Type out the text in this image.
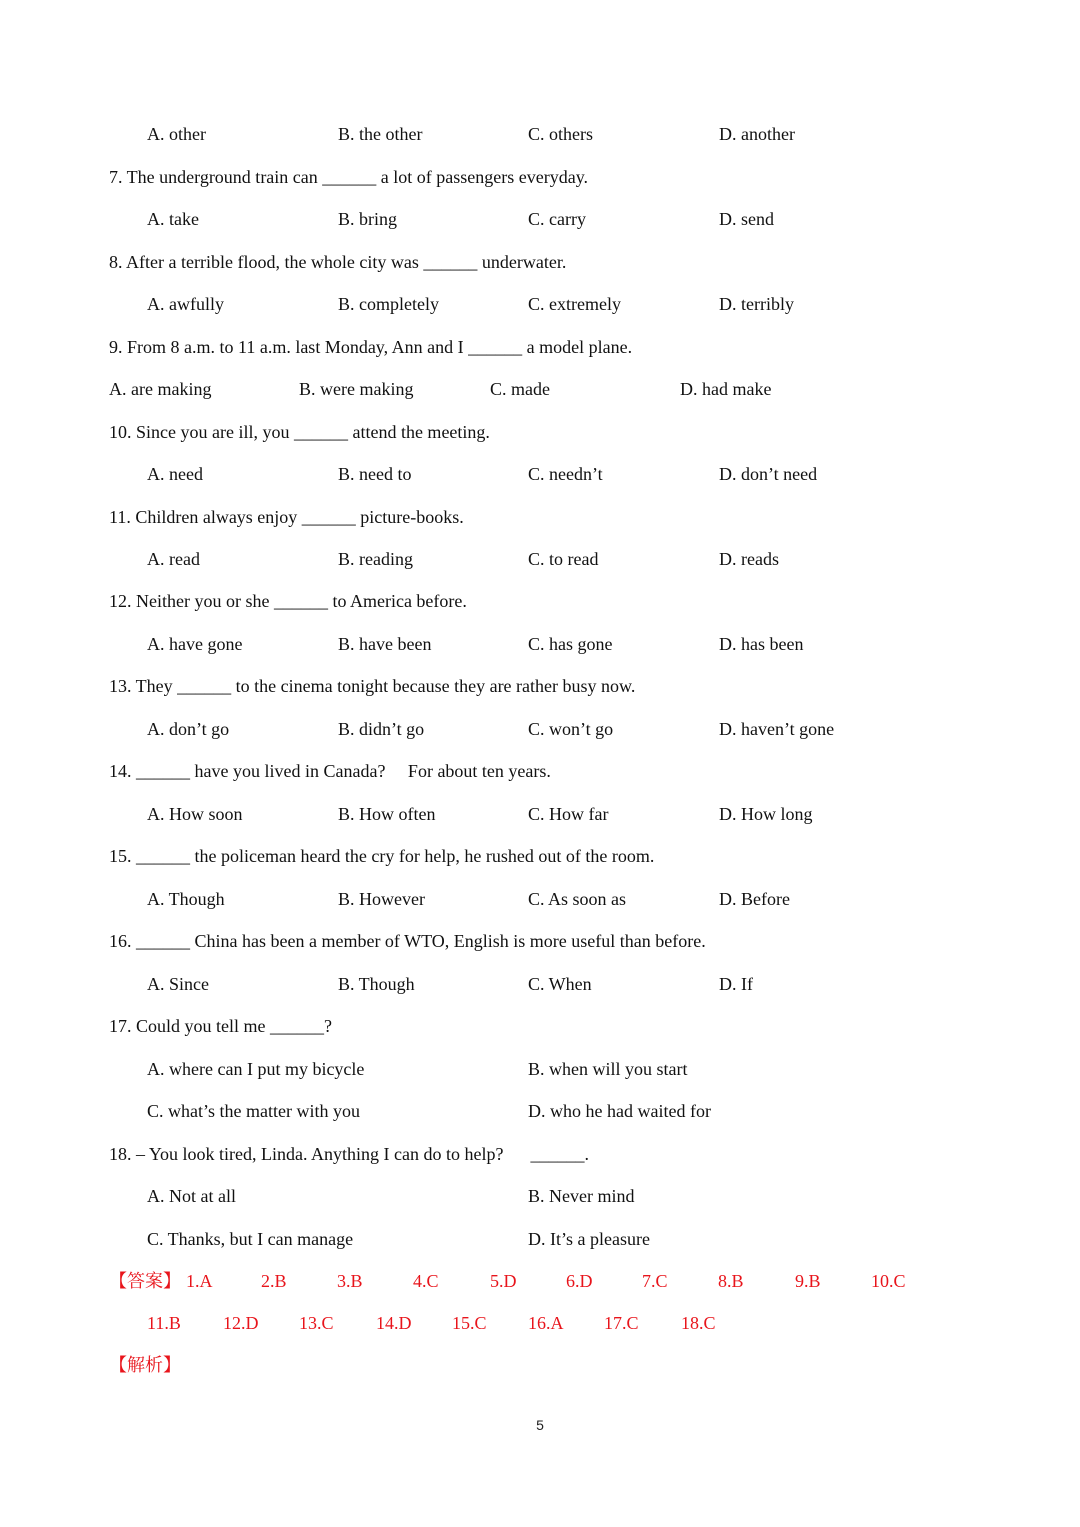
A. other	B. the other	C. others	D. another
7. The underground train can ______ a lot of passengers everyday.
A. take	B. bring	C. carry	D. send
8. After a terrible flood, the whole city was ______ underwater.
A. awfully	B. completely	C. extremely	D. terribly
9. From 8 a.m. to 11 a.m. last Monday, Ann and I ______ a model plane.
A. are making	B. were making	C. made	D. had make
10. Since you are ill, you ______ attend the meeting.
A. need	B. need to	C. needn’t	D. don’t need
11. Children always enjoy ______ picture-books.
A. read	B. reading	C. to read	D. reads
12. Neither you or she ______ to America before.
A. have gone	B. have been	C. has gone	D. has been
13. They ______ to the cinema tonight because they are rather busy now.
A. don’t go	B. didn’t go	C. won’t go	D. haven’t gone
14. ______ have you lived in Canada?     For about ten years.
A. How soon	B. How often	C. How far	D. How long
15. ______ the policeman heard the cry for help, he rushed out of the room.
A. Though	B. However	C. As soon as	D. Before
16. ______ China has been a member of WTO, English is more useful than before.
A. Since	B. Though	C. When	D. If
17. Could you tell me ______?
A. where can I put my bicycle	B. when will you start
C. what’s the matter with you	D. who he had waited for
18. – You look tired, Linda. Anything I can do to help?      ______.
A. Not at all	B. Never mind
C. Thanks, but I can manage	D. It’s a pleasure
【答案】 1.A	2.B	3.B	4.C	5.D	6.D	7.C	8.B	9.B	10.C
11.B 12.D 13.C 14.D 15.C 16.A 17.C 18.C
【解析】
5
